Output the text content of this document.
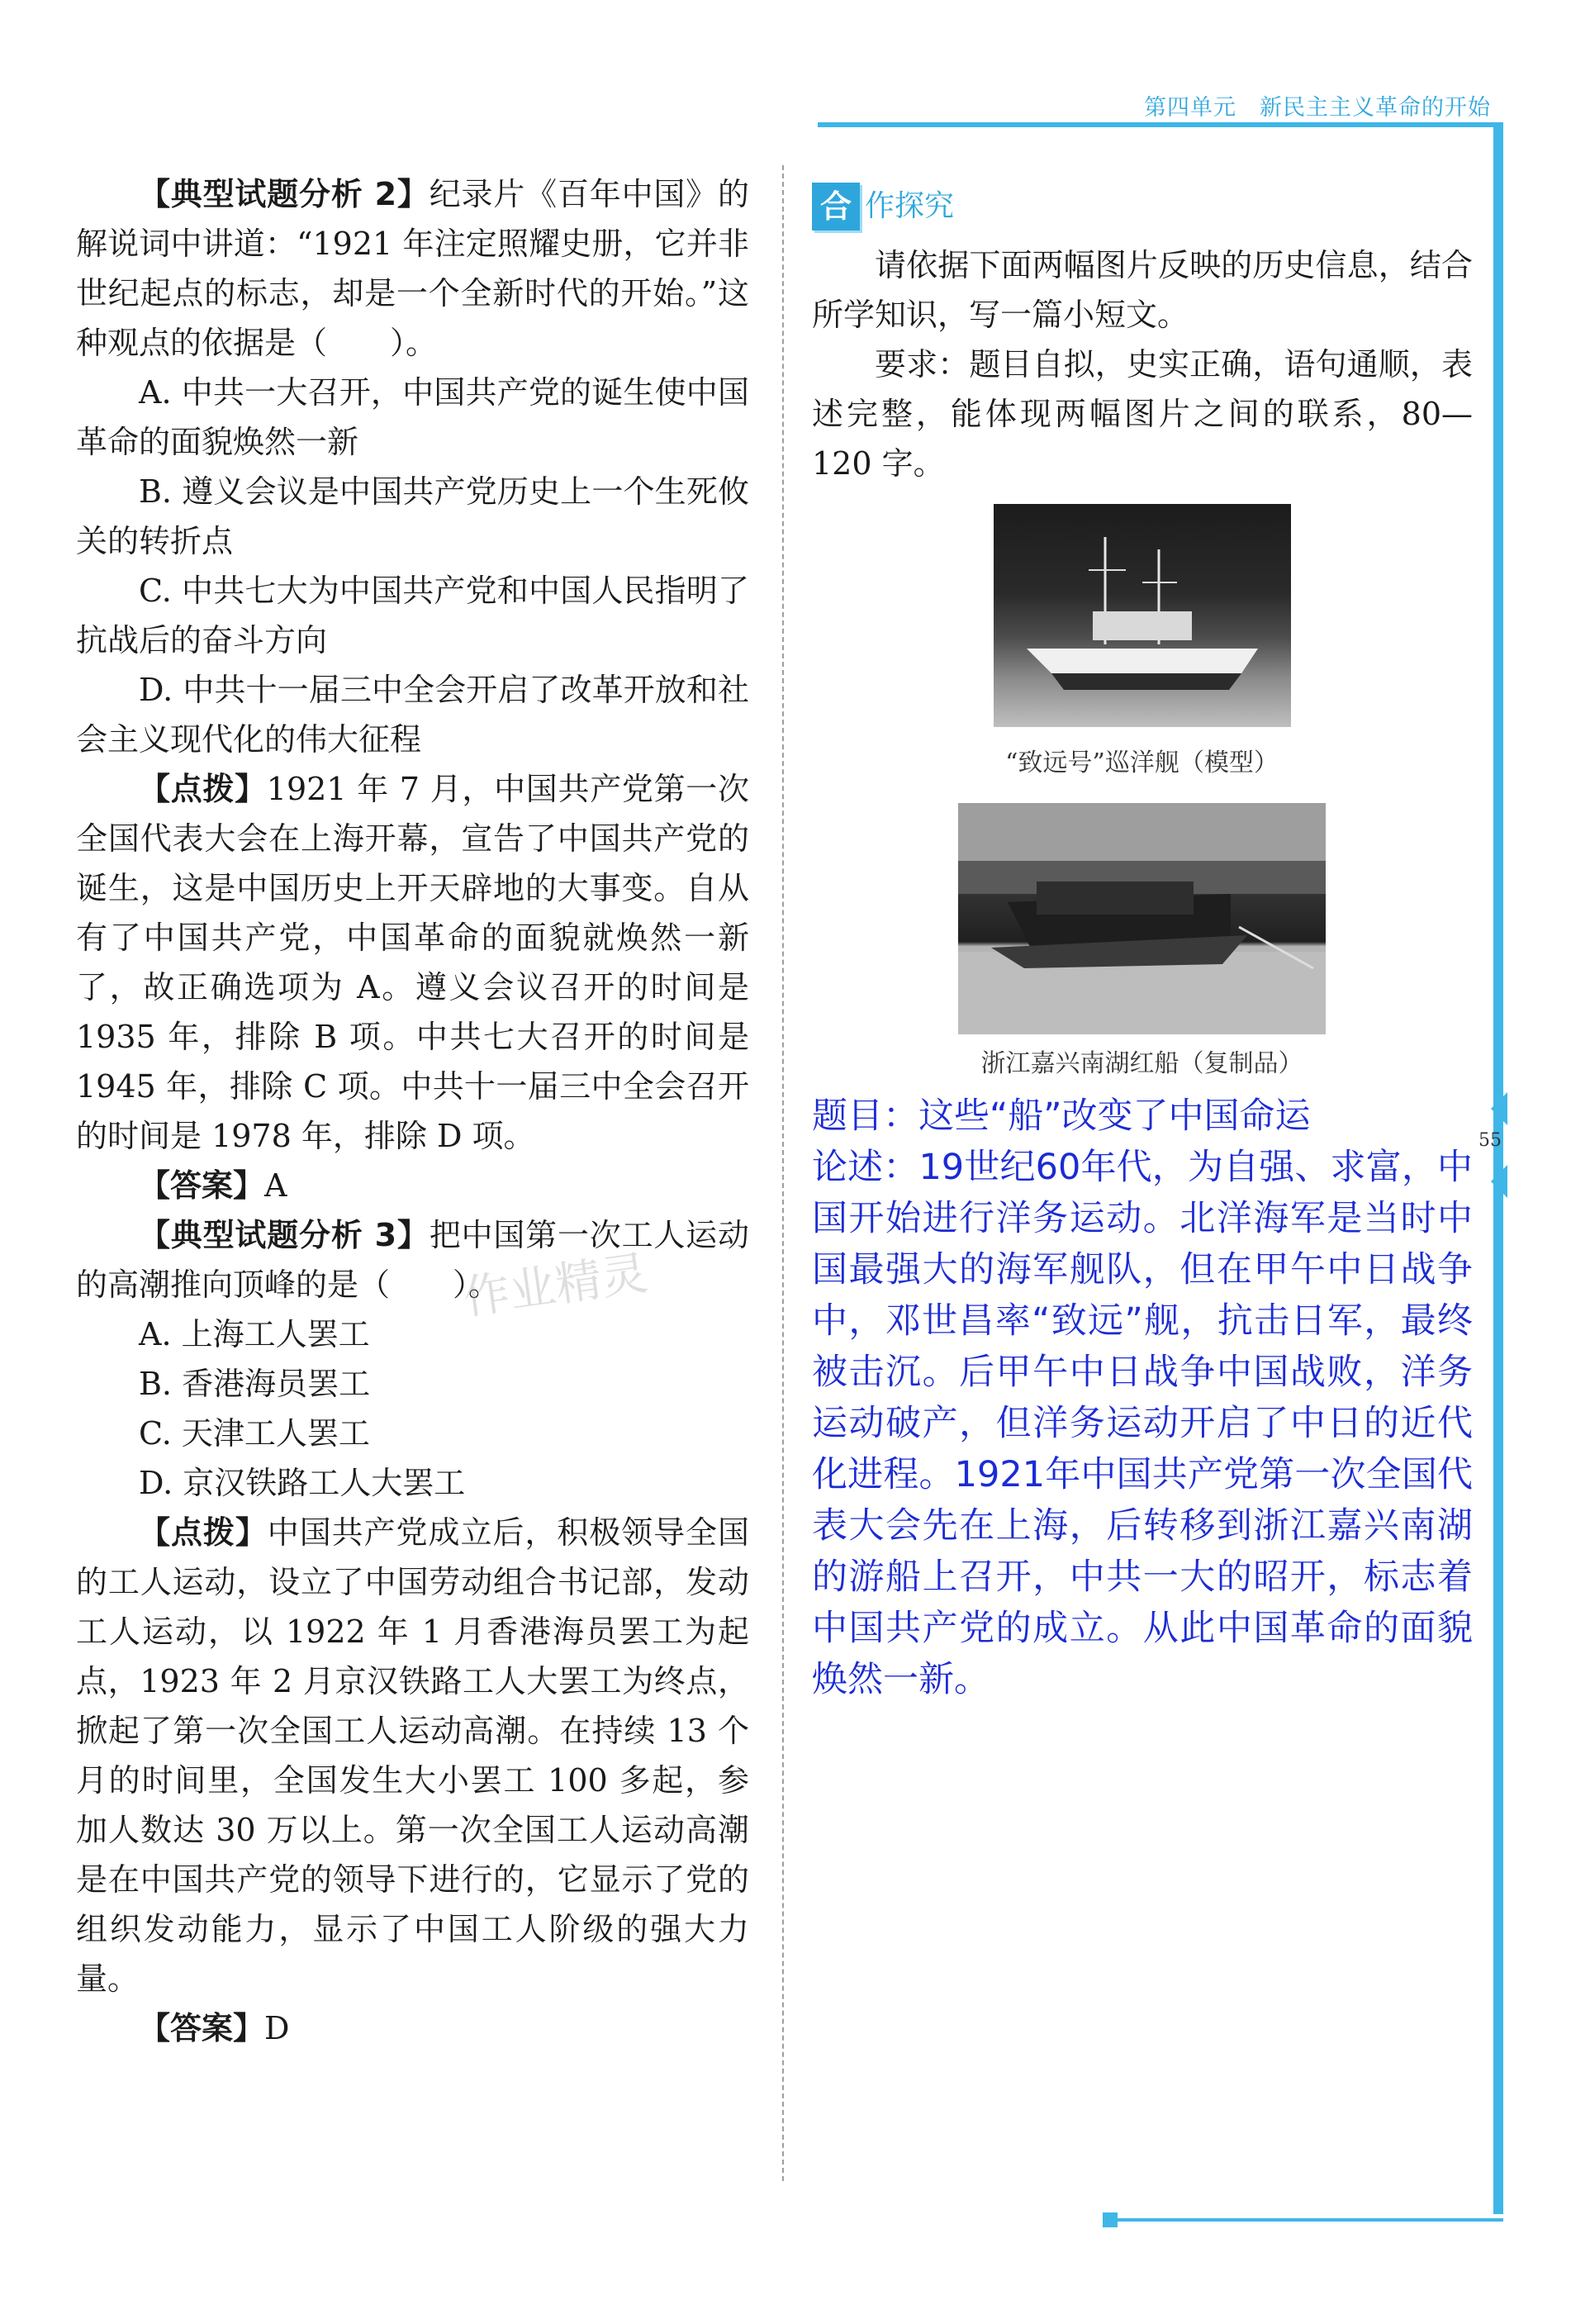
第四单元　新民主主义革命的开始
55

【典型试题分析 2】纪录片《百年中国》的解说词中讲道：“1921 年注定照耀史册，它并非世纪起点的标志，却是一个全新时代的开始。”这种观点的依据是（　　）。

A. 中共一大召开，中国共产党的诞生使中国革命的面貌焕然一新

B. 遵义会议是中国共产党历史上一个生死攸关的转折点

C. 中共七大为中国共产党和中国人民指明了抗战后的奋斗方向

D. 中共十一届三中全会开启了改革开放和社会主义现代化的伟大征程

【点拨】1921 年 7 月，中国共产党第一次全国代表大会在上海开幕，宣告了中国共产党的诞生，这是中国历史上开天辟地的大事变。自从有了中国共产党，中国革命的面貌就焕然一新了，故正确选项为 A。遵义会议召开的时间是 1935 年，排除 B 项。中共七大召开的时间是 1945 年，排除 C 项。中共十一届三中全会召开的时间是 1978 年，排除 D 项。

【答案】A

【典型试题分析 3】把中国第一次工人运动的高潮推向顶峰的是（　　）。

A. 上海工人罢工

B. 香港海员罢工

C. 天津工人罢工

D. 京汉铁路工人大罢工

【点拨】中国共产党成立后，积极领导全国的工人运动，设立了中国劳动组合书记部，发动工人运动，以 1922 年 1 月香港海员罢工为起点，1923 年 2 月京汉铁路工人大罢工为终点，掀起了第一次全国工人运动高潮。在持续 13 个月的时间里，全国发生大小罢工 100 多起，参加人数达 30 万以上。第一次全国工人运动高潮是在中国共产党的领导下进行的，它显示了党的组织发动能力，显示了中国工人阶级的强大力量。

【答案】D

作业精灵
合 作探究

请依据下面两幅图片反映的历史信息，结合所学知识，写一篇小短文。

要求：题目自拟，史实正确，语句通顺，表述完整，能体现两幅图片之间的联系，80—120 字。

“致远号”巡洋舰（模型）
浙江嘉兴南湖红船（复制品）

题目：这些“船”改变了中国命运

论述：19世纪60年代，为自强、求富，中国开始进行洋务运动。北洋海军是当时中国最强大的海军舰队，但在甲午中日战争中，邓世昌率“致远”舰，抗击日军，最终被击沉。后甲午中日战争中国战败，洋务运动破产，但洋务运动开启了中日的近代化进程。1921年中国共产党第一次全国代表大会先在上海，后转移到浙江嘉兴南湖的游船上召开，中共一大的昭开，标志着中国共产党的成立。从此中国革命的面貌焕然一新。
